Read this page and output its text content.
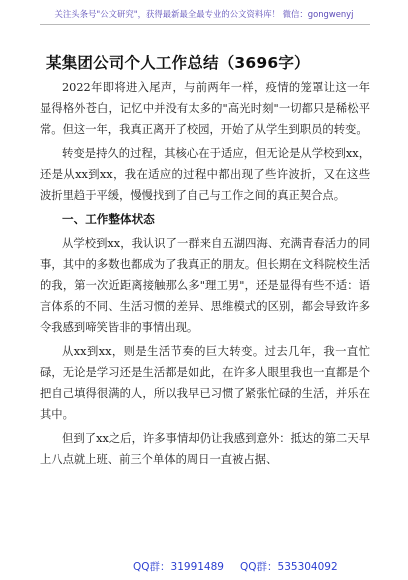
关注头条号"公文研究"，获得最新最全最专业的公文资料库！ 微信：gongwenyj
某集团公司个人工作总结（3696字）

2022年即将进入尾声，与前两年一样，疫情的笼罩让这一年显得格外苍白，记忆中并没有太多的"高光时刻"一切都只是稀松平常。但这一年，我真正离开了校园，开始了从学生到职员的转变。

转变是持久的过程，其核心在于适应，但无论是从学校到xx，还是从xx到xx，我在适应的过程中都出现了些许波折，又在这些波折里趋于平缓，慢慢找到了自己与工作之间的真正契合点。

一、工作整体状态

从学校到xx，我认识了一群来自五湖四海、充满青春活力的同事，其中的多数也都成为了我真正的朋友。但长期在文科院校生活的我，第一次近距离接触那么多"理工男"，还是显得有些不适：语言体系的不同、生活习惯的差异、思维模式的区别，都会导致许多令我感到啼笑皆非的事情出现。

从xx到xx，则是生活节奏的巨大转变。过去几年，我一直忙碌，无论是学习还是生活都是如此，在许多人眼里我也一直都是个把自己填得很满的人，所以我早已习惯了紧张忙碌的生活，并乐在其中。

但到了xx之后，许多事情却仍让我感到意外：抵达的第二天早上八点就上班、前三个单体的周日一直被占据、

QQ群：31991489 QQ群：535304092
